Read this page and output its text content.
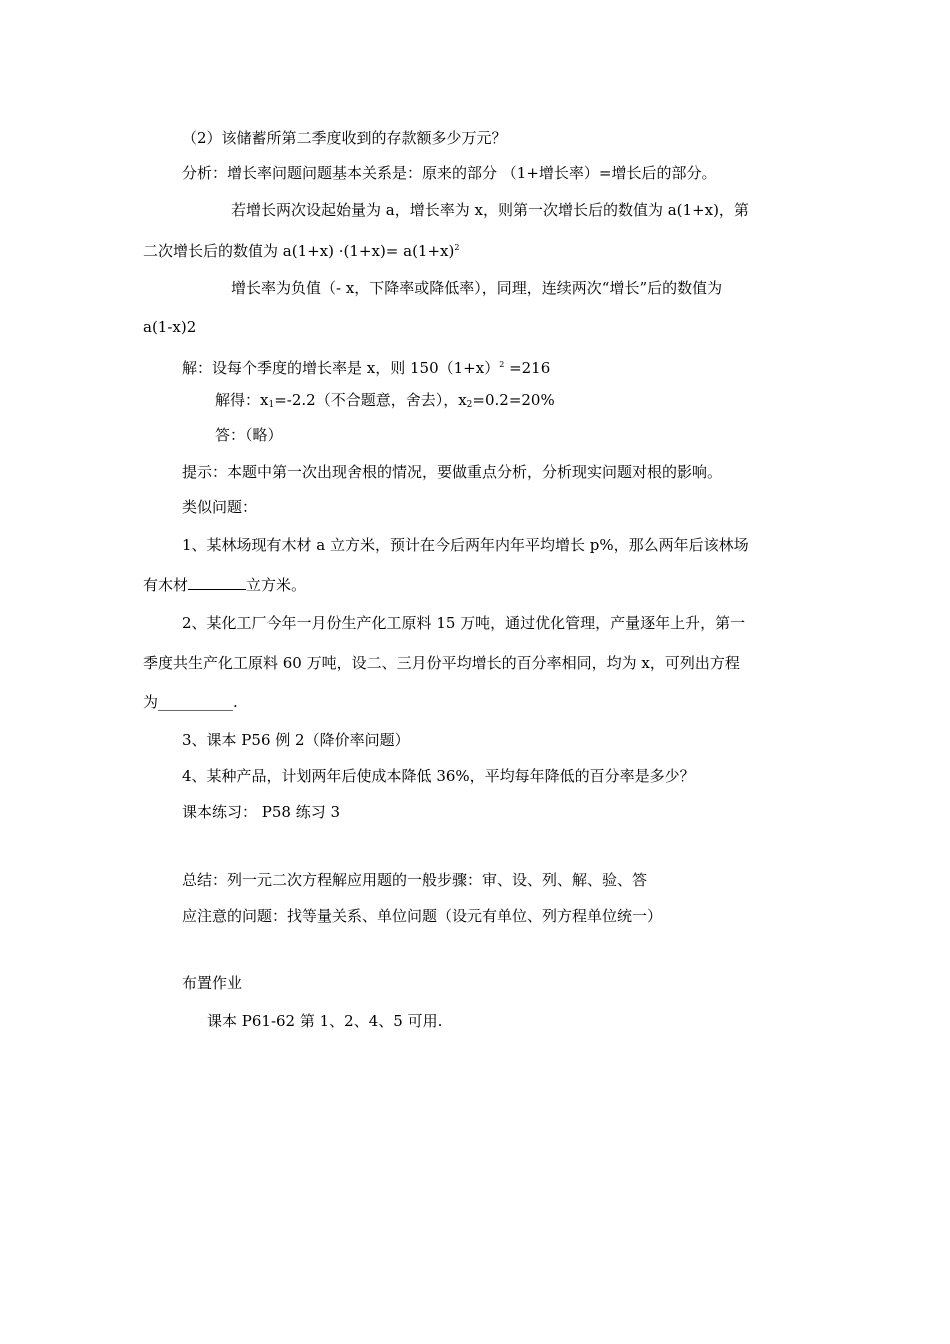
（2）该储蓄所第二季度收到的存款额多少万元？
分析：增长率问题问题基本关系是：原来的部分 （1+增长率）=增长后的部分。
若增长两次设起始量为 a，增长率为 x，则第一次增长后的数值为 a(1+x)，第
二次增长后的数值为 $a(1+x) \cdot(1+x)= a(1+x)^2$
增长率为负值（- x，下降率或降低率），同理，连续两次“增长”后的数值为
a(1-x)2
解：设每个季度的增长率是 x，则 $150(1+x)^2 =216$
解得：$x_1=-2.2$（不合题意，舍去），$x_2=0.2=20\%$
答：（略）
提示：本题中第一次出现舍根的情况，要做重点分析，分析现实问题对根的影响。
类似问题：
1、某林场现有木材 a 立方米，预计在今后两年内年平均增长 p%，那么两年后该林场
有木材	立方米。
2、某化工厂今年一月份生产化工原料 15 万吨，通过优化管理，产量逐年上升，第一
季度共生产化工原料 60 万吨，设二、三月份平均增长的百分率相同，均为 x，可列出方程
为__________.
3、课本 P56 例 2（降价率问题）
4、某种产品，计划两年后使成本降低 36%，平均每年降低的百分率是多少？
课本练习： P58 练习 3
总结：列一元二次方程解应用题的一般步骤：审、设、列、解、验、答
应注意的问题：找等量关系、单位问题（设元有单位、列方程单位统一）
布置作业
课本 P61-62 第 1、2、4、5 可用.
